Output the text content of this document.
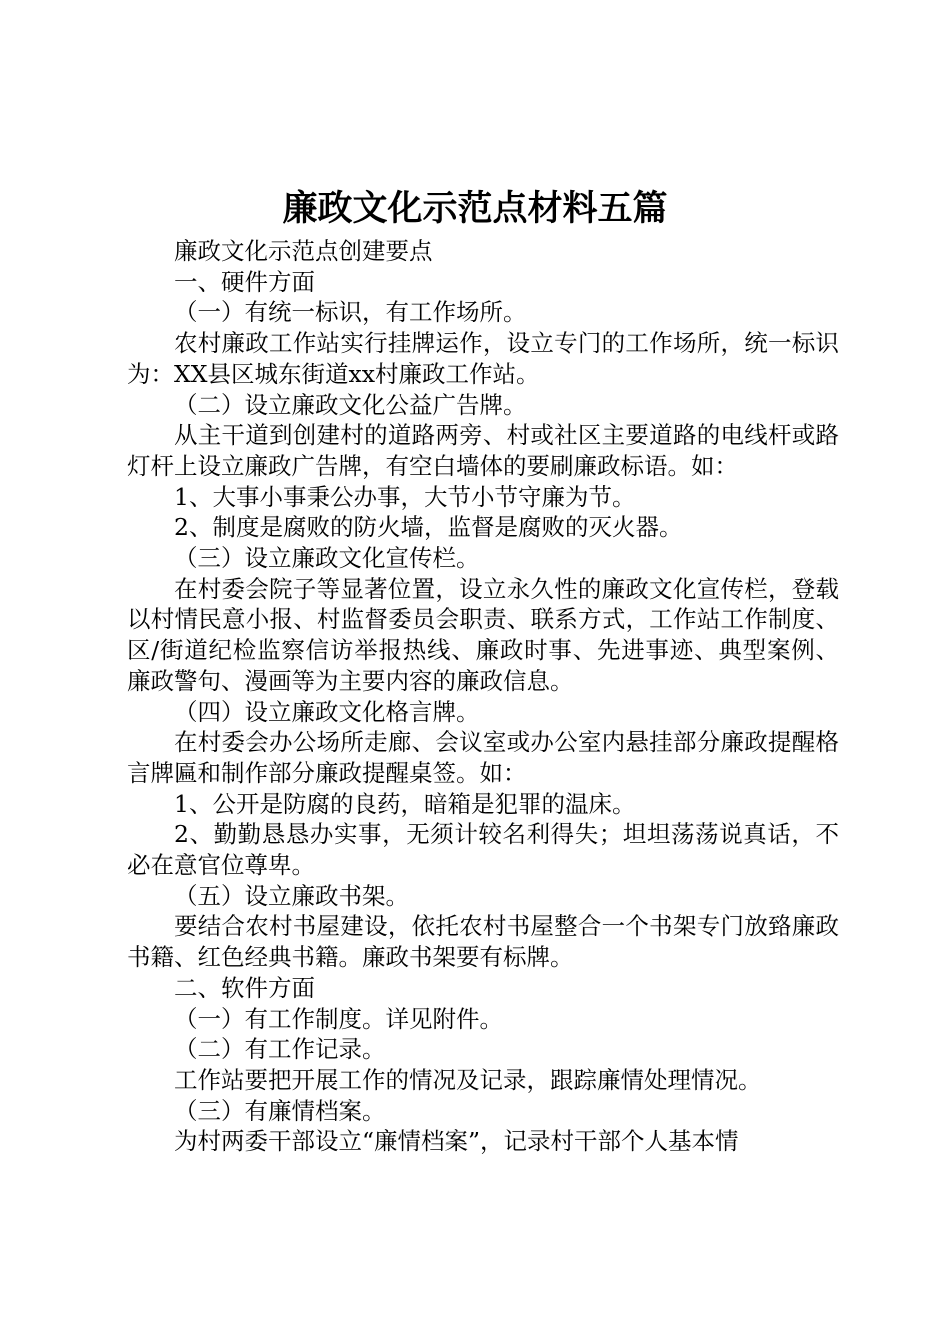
廉政文化示范点材料五篇

廉政文化示范点创建要点

一、硬件方面

（一）有统一标识，有工作场所。

农村廉政工作站实行挂牌运作，设立专门的工作场所，统一标识为：XX县区城东街道xx村廉政工作站。

（二）设立廉政文化公益广告牌。

从主干道到创建村的道路两旁、村或社区主要道路的电线杆或路灯杆上设立廉政广告牌，有空白墙体的要刷廉政标语。如：

1、大事小事秉公办事，大节小节守廉为节。

2、制度是腐败的防火墙，监督是腐败的灭火器。

（三）设立廉政文化宣传栏。

在村委会院子等显著位置，设立永久性的廉政文化宣传栏，登载以村情民意小报、村监督委员会职责、联系方式，工作站工作制度、区/街道纪检监察信访举报热线、廉政时事、先进事迹、典型案例、廉政警句、漫画等为主要内容的廉政信息。

（四）设立廉政文化格言牌。

在村委会办公场所走廊、会议室或办公室内悬挂部分廉政提醒格言牌匾和制作部分廉政提醒桌签。如：

1、公开是防腐的良药，暗箱是犯罪的温床。

2、勤勤恳恳办实事，无须计较名利得失；坦坦荡荡说真话，不必在意官位尊卑。

（五）设立廉政书架。

要结合农村书屋建设，依托农村书屋整合一个书架专门放臵廉政书籍、红色经典书籍。廉政书架要有标牌。

二、软件方面

（一）有工作制度。详见附件。

（二）有工作记录。

工作站要把开展工作的情况及记录，跟踪廉情处理情况。

（三）有廉情档案。

为村两委干部设立“廉情档案”，记录村干部个人基本情
